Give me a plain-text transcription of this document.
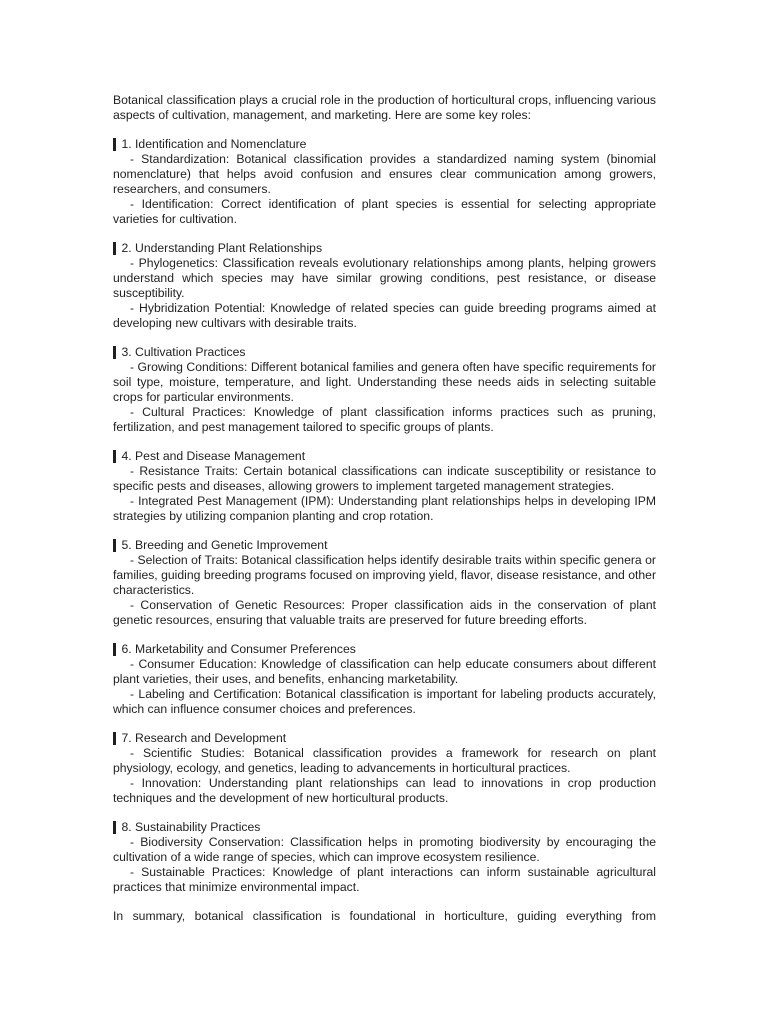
Botanical classification plays a crucial role in the production of horticultural crops, influencing various aspects of cultivation, management, and marketing. Here are some key roles:

1. Identification and Nomenclature

- Standardization: Botanical classification provides a standardized naming system (binomial nomenclature) that helps avoid confusion and ensures clear communication among growers, researchers, and consumers.

- Identification: Correct identification of plant species is essential for selecting appropriate varieties for cultivation.

2. Understanding Plant Relationships

- Phylogenetics: Classification reveals evolutionary relationships among plants, helping growers understand which species may have similar growing conditions, pest resistance, or disease susceptibility.

- Hybridization Potential: Knowledge of related species can guide breeding programs aimed at developing new cultivars with desirable traits.

3. Cultivation Practices

- Growing Conditions: Different botanical families and genera often have specific requirements for soil type, moisture, temperature, and light. Understanding these needs aids in selecting suitable crops for particular environments.

- Cultural Practices: Knowledge of plant classification informs practices such as pruning, fertilization, and pest management tailored to specific groups of plants.

4. Pest and Disease Management

- Resistance Traits: Certain botanical classifications can indicate susceptibility or resistance to specific pests and diseases, allowing growers to implement targeted management strategies.

- Integrated Pest Management (IPM): Understanding plant relationships helps in developing IPM strategies by utilizing companion planting and crop rotation.

5. Breeding and Genetic Improvement

- Selection of Traits: Botanical classification helps identify desirable traits within specific genera or families, guiding breeding programs focused on improving yield, flavor, disease resistance, and other characteristics.

- Conservation of Genetic Resources: Proper classification aids in the conservation of plant genetic resources, ensuring that valuable traits are preserved for future breeding efforts.

6. Marketability and Consumer Preferences

- Consumer Education: Knowledge of classification can help educate consumers about different plant varieties, their uses, and benefits, enhancing marketability.

- Labeling and Certification: Botanical classification is important for labeling products accurately, which can influence consumer choices and preferences.

7. Research and Development

- Scientific Studies: Botanical classification provides a framework for research on plant physiology, ecology, and genetics, leading to advancements in horticultural practices.

- Innovation: Understanding plant relationships can lead to innovations in crop production techniques and the development of new horticultural products.

8. Sustainability Practices

- Biodiversity Conservation: Classification helps in promoting biodiversity by encouraging the cultivation of a wide range of species, which can improve ecosystem resilience.

- Sustainable Practices: Knowledge of plant interactions can inform sustainable agricultural practices that minimize environmental impact.

In summary, botanical classification is foundational in horticulture, guiding everything from
